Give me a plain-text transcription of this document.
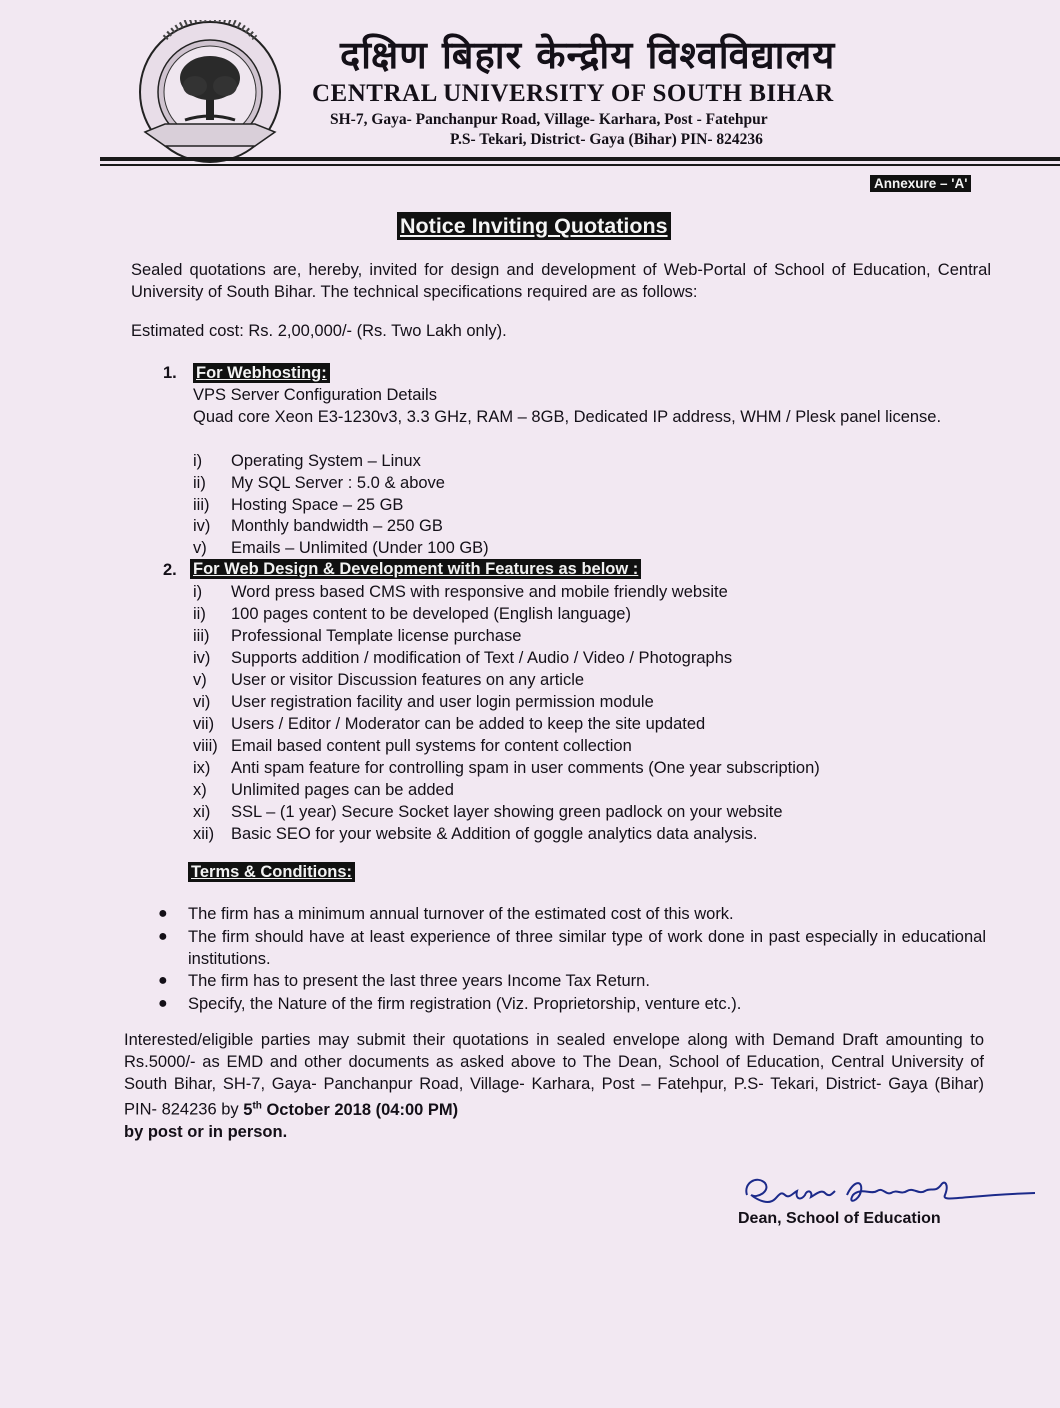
दक्षिण बिहार केन्द्रीय विश्वविद्यालय
CENTRAL UNIVERSITY OF SOUTH BIHAR
SH-7, Gaya- Panchanpur Road, Village- Karhara, Post - Fatehpur
P.S- Tekari, District- Gaya (Bihar) PIN- 824236
Annexure – 'A'
Notice Inviting Quotations
Sealed quotations are, hereby, invited for design and development of Web-Portal of School of Education, Central University of South Bihar. The technical specifications required are as follows:
Estimated cost: Rs. 2,00,000/- (Rs. Two Lakh only).
1. For Webhosting:
VPS Server Configuration Details
Quad core Xeon E3-1230v3, 3.3 GHz, RAM – 8GB, Dedicated IP address, WHM / Plesk panel license.
i) Operating System – Linux
ii) My SQL Server : 5.0 & above
iii) Hosting Space – 25 GB
iv) Monthly bandwidth – 250 GB
v) Emails – Unlimited (Under 100 GB)
2. For Web Design & Development with Features as below :
i) Word press based CMS with responsive and mobile friendly website
ii) 100 pages content to be developed (English language)
iii) Professional Template license purchase
iv) Supports addition / modification of Text / Audio / Video / Photographs
v) User or visitor Discussion features on any article
vi) User registration facility and user login permission module
vii) Users / Editor / Moderator can be added to keep the site updated
viii) Email based content pull systems for content collection
ix) Anti spam feature for controlling spam in user comments (One year subscription)
x) Unlimited pages can be added
xi) SSL – (1 year) Secure Socket layer showing green padlock on your website
xii) Basic SEO for your website & Addition of goggle analytics data analysis.
Terms & Conditions:
● The firm has a minimum annual turnover of the estimated cost of this work.
● The firm should have at least experience of three similar type of work done in past especially in educational institutions.
● The firm has to present the last three years Income Tax Return.
● Specify, the Nature of the firm registration (Viz. Proprietorship, venture etc.).
Interested/eligible parties may submit their quotations in sealed envelope along with Demand Draft amounting to Rs.5000/- as EMD and other documents as asked above to The Dean, School of Education, Central University of South Bihar, SH-7, Gaya- Panchanpur Road, Village- Karhara, Post – Fatehpur, P.S- Tekari, District- Gaya (Bihar) PIN- 824236 by 5th October 2018 (04:00 PM)
by post or in person.
Dean, School of Education
